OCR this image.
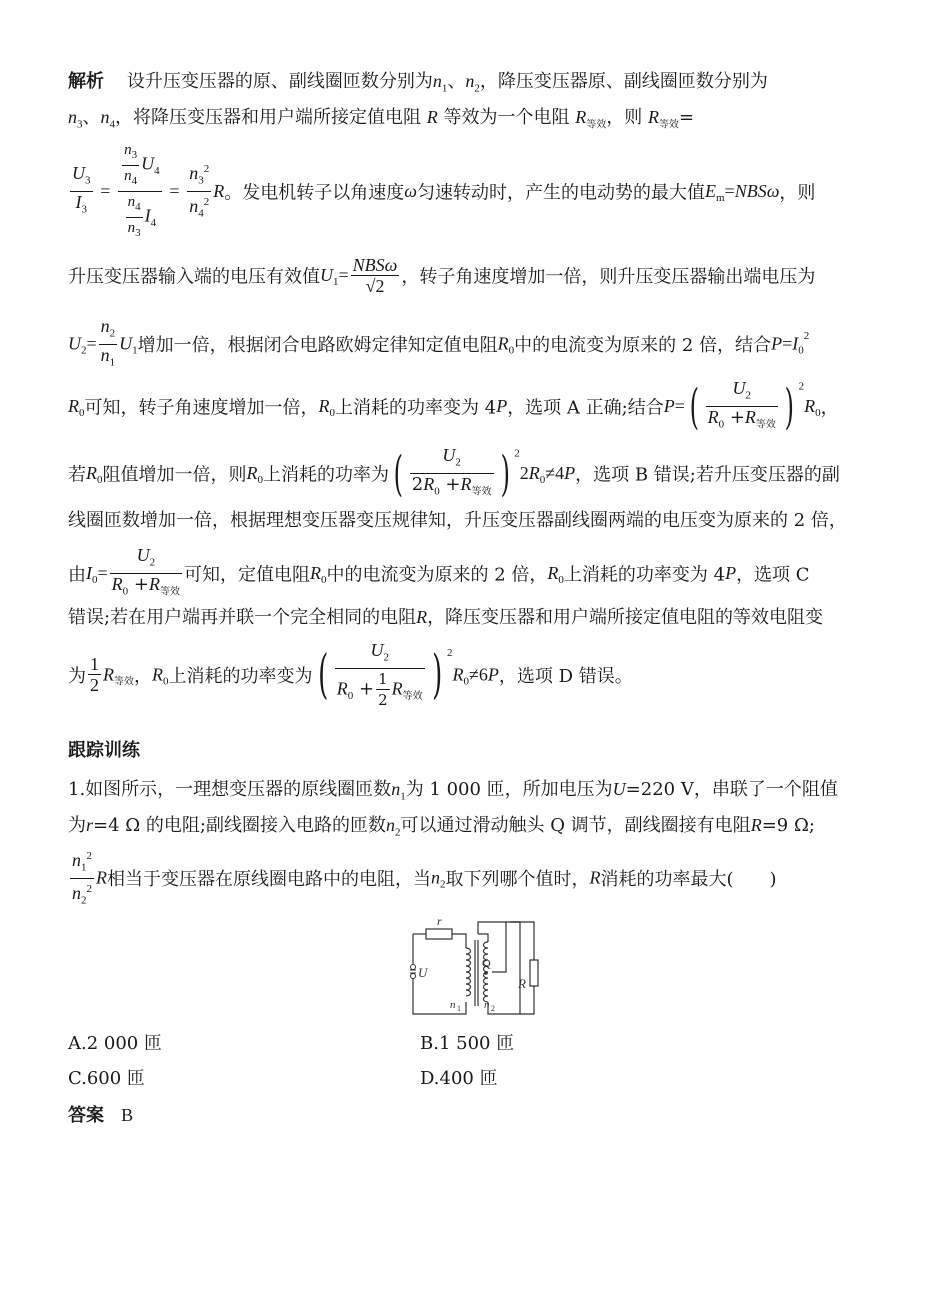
解析 设升压变压器的原、副线圈匝数分别为$n_1$、$n_2$，降压变压器原、副线圈匝数分别为
$n_3$、$n_4$，将降压变压器和用户端所接定值电阻 R 等效为一个电阻 $R_{等效}$，则 $R_{等效}=$
$\frac{U_3}{I_3} = \frac{\frac{n_3}{n_4} U_4}{\frac{n_4}{n_3} I_4} = \frac{n_3^2}{n_4^2}$ R。发电机转子以角速度ω匀速转动时，产生的电动势的最大值$E_m=NBS\omega$，则
升压变压器输入端的电压有效值$U_1= \frac{\text{NBSω}}{√2}$ ，转子角速度增加一倍，则升压变压器输出端电压为
$U_2= \frac{n_2}{n_1} U_1$增加一倍，根据闭合电路欧姆定律知定值电阻$R_0$中的电流变为原来的 2 倍，结合$P=I_0^2$
$R_0$可知，转子角速度增加一倍，$R_0$上消耗的功率变为 4P，选项 A 正确;结合$P=( \frac{U_2}{R_0 +R_{等效}}$ ) $^2R_0$，
若$R_0$阻值增加一倍，则$R_0$上消耗的功率为( $\frac{U_2}{2R_0 +R_{等效}}$ ) $^22R_0\ne 4P$，选项 B 错误;若升压变压器的副
线圈匝数增加一倍，根据理想变压器变压规律知，升压变压器副线圈两端的电压变为原来的 2 倍，
由$I_0= \frac{U_2}{R_0 +R_{等效}}$ 可知，定值电阻$R_0$中的电流变为原来的 2 倍，$R_0$上消耗的功率变为 4P，选项 C
错误;若在用户端再并联一个完全相同的电阻R，降压变压器和用户端所接定值电阻的等效电阻变
为 $\frac{1}{2} R_{等效}$，$R_0$上消耗的功率变为( $\frac{U_2}{R_0 + \frac{1}{2} R_{等效}}$ ) $^2R_0\ne 6P$，选项 D 错误。
跟踪训练
1.如图所示，一理想变压器的原线圈匝数$n_1$为 1 000 匝，所加电压为U=220 V，串联了一个阻值
为r=4 Ω 的电阻;副线圈接入电路的匝数$n_2$可以通过滑动触头 Q 调节，副线圈接有电阻R=9 Ω;
$\frac{n_1^2}{n_2^2}$ R相当于变压器在原线圈电路中的电阻，当$n_2$取下列哪个值时，R消耗的功率最大(　　)
r
U
Q
R
n 1 n 2
A.2 000 匝	B.1 500 匝
C.600 匝	D.400 匝
答案 B
